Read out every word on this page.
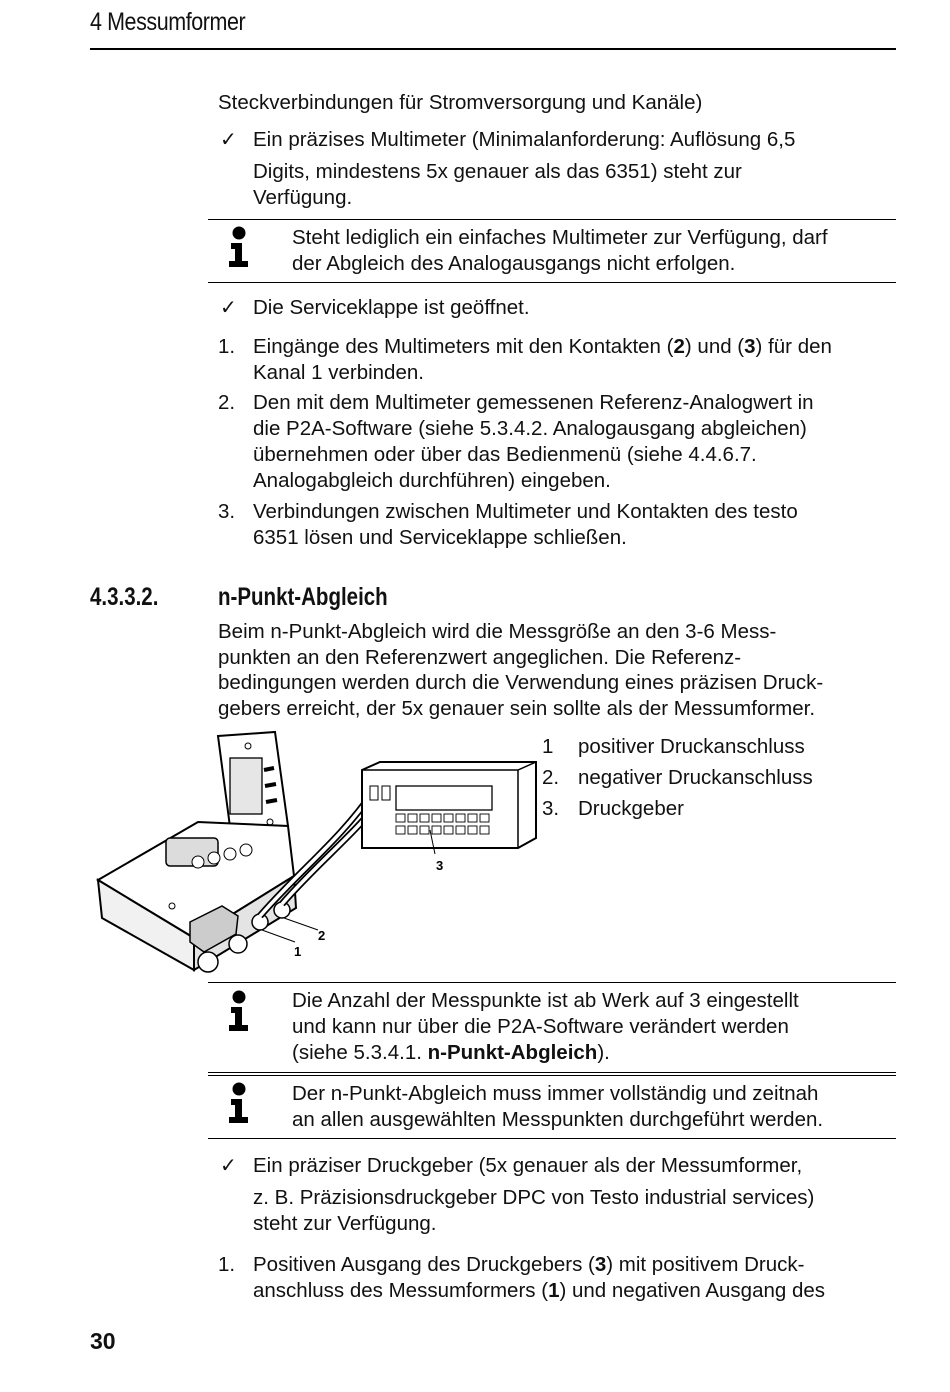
4 Messumformer
Steckverbindungen für Stromversorgung und Kanäle)
✓ Ein präzises Multimeter (Minimalanforderung: Auflösung 6,5
Digits, mindestens 5x genauer als das 6351) steht zur
Verfügung.
Steht lediglich ein einfaches Multimeter zur Verfügung, darf
der Abgleich des Analogausgangs nicht erfolgen.
✓ Die Serviceklappe ist geöffnet.
1. Eingänge des Multimeters mit den Kontakten (2) und (3) für den
Kanal 1 verbinden.
2. Den mit dem Multimeter gemessenen Referenz-Analogwert in
die P2A-Software (siehe 5.3.4.2. Analogausgang abgleichen)
übernehmen oder über das Bedienmenü (siehe 4.4.6.7.
Analogabgleich durchführen) eingeben.
3. Verbindungen zwischen Multimeter und Kontakten des testo
6351 lösen und Serviceklappe schließen.
4.3.3.2. n-Punkt-Abgleich
Beim n-Punkt-Abgleich wird die Messgröße an den 3-6 Mess-
punkten an den Referenzwert angeglichen. Die Referenz-
bedingungen werden durch die Verwendung eines präzisen Druck-
gebers erreicht, der 5x genauer sein sollte als der Messumformer.
1
2
3
1 positiver Druckanschluss
2. negativer Druckanschluss
3. Druckgeber
Die Anzahl der Messpunkte ist ab Werk auf 3 eingestellt
und kann nur über die P2A-Software verändert werden
(siehe 5.3.4.1. n-Punkt-Abgleich).
Der n-Punkt-Abgleich muss immer vollständig und zeitnah
an allen ausgewählten Messpunkten durchgeführt werden.
✓ Ein präziser Druckgeber (5x genauer als der Messumformer,
z. B. Präzisionsdruckgeber DPC von Testo industrial services)
steht zur Verfügung.
1. Positiven Ausgang des Druckgebers (3) mit positivem Druck-
anschluss des Messumformers (1) und negativen Ausgang des
30
